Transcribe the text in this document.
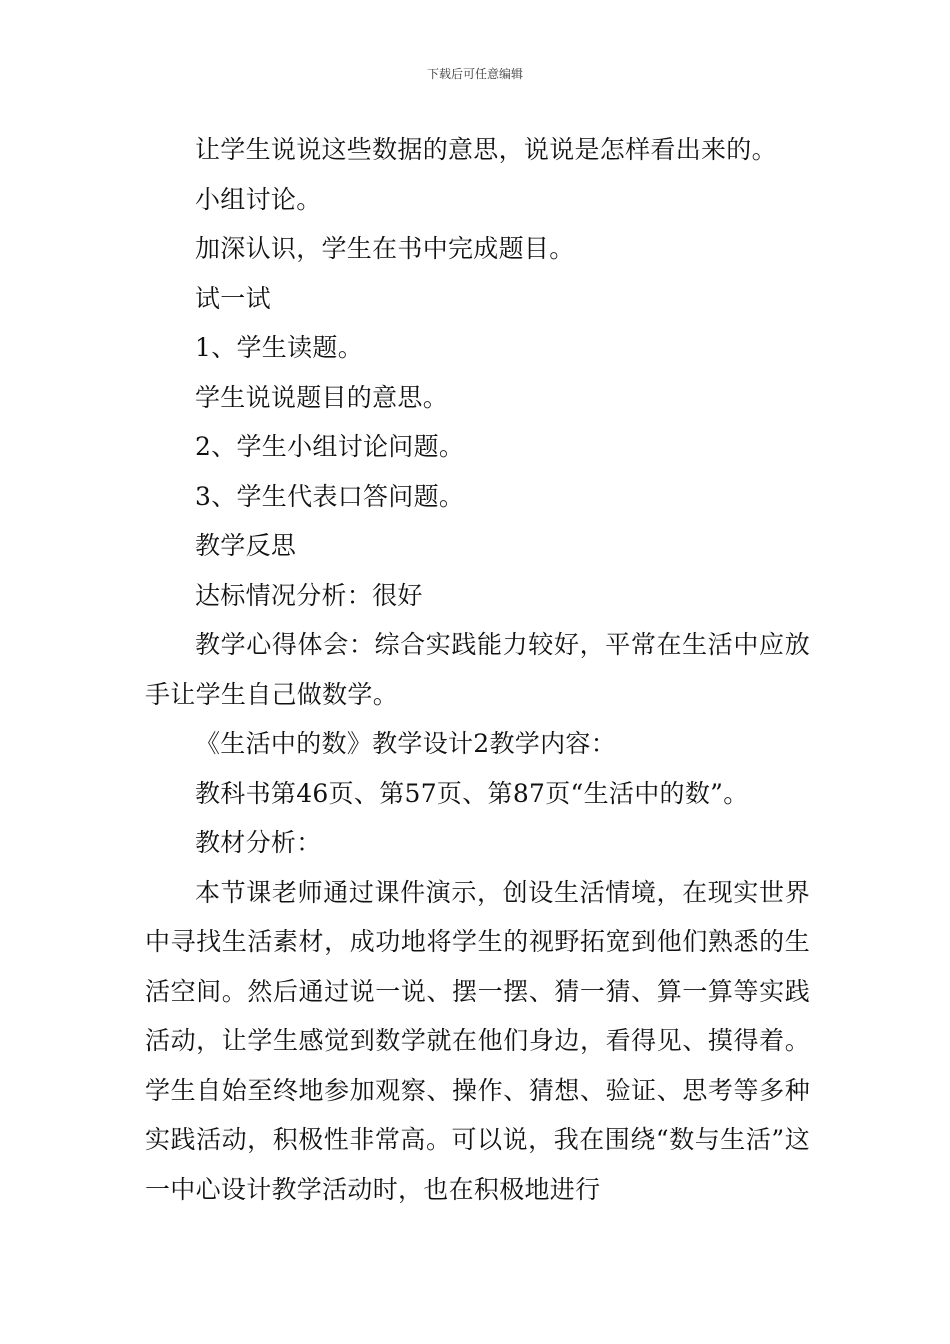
下载后可任意编辑

让学生说说这些数据的意思，说说是怎样看出来的。

小组讨论。

加深认识，学生在书中完成题目。

试一试

1、学生读题。

学生说说题目的意思。

2、学生小组讨论问题。

3、学生代表口答问题。

教学反思

达标情况分析：很好

教学心得体会：综合实践能力较好，平常在生活中应放手让学生自己做数学。

《生活中的数》教学设计2教学内容：

教科书第46页、第57页、第87页“生活中的数”。

教材分析：

本节课老师通过课件演示，创设生活情境，在现实世界中寻找生活素材，成功地将学生的视野拓宽到他们熟悉的生活空间。然后通过说一说、摆一摆、猜一猜、算一算等实践活动，让学生感觉到数学就在他们身边，看得见、摸得着。学生自始至终地参加观察、操作、猜想、验证、思考等多种实践活动，积极性非常高。可以说，我在围绕“数与生活”这一中心设计教学活动时，也在积极地进行
